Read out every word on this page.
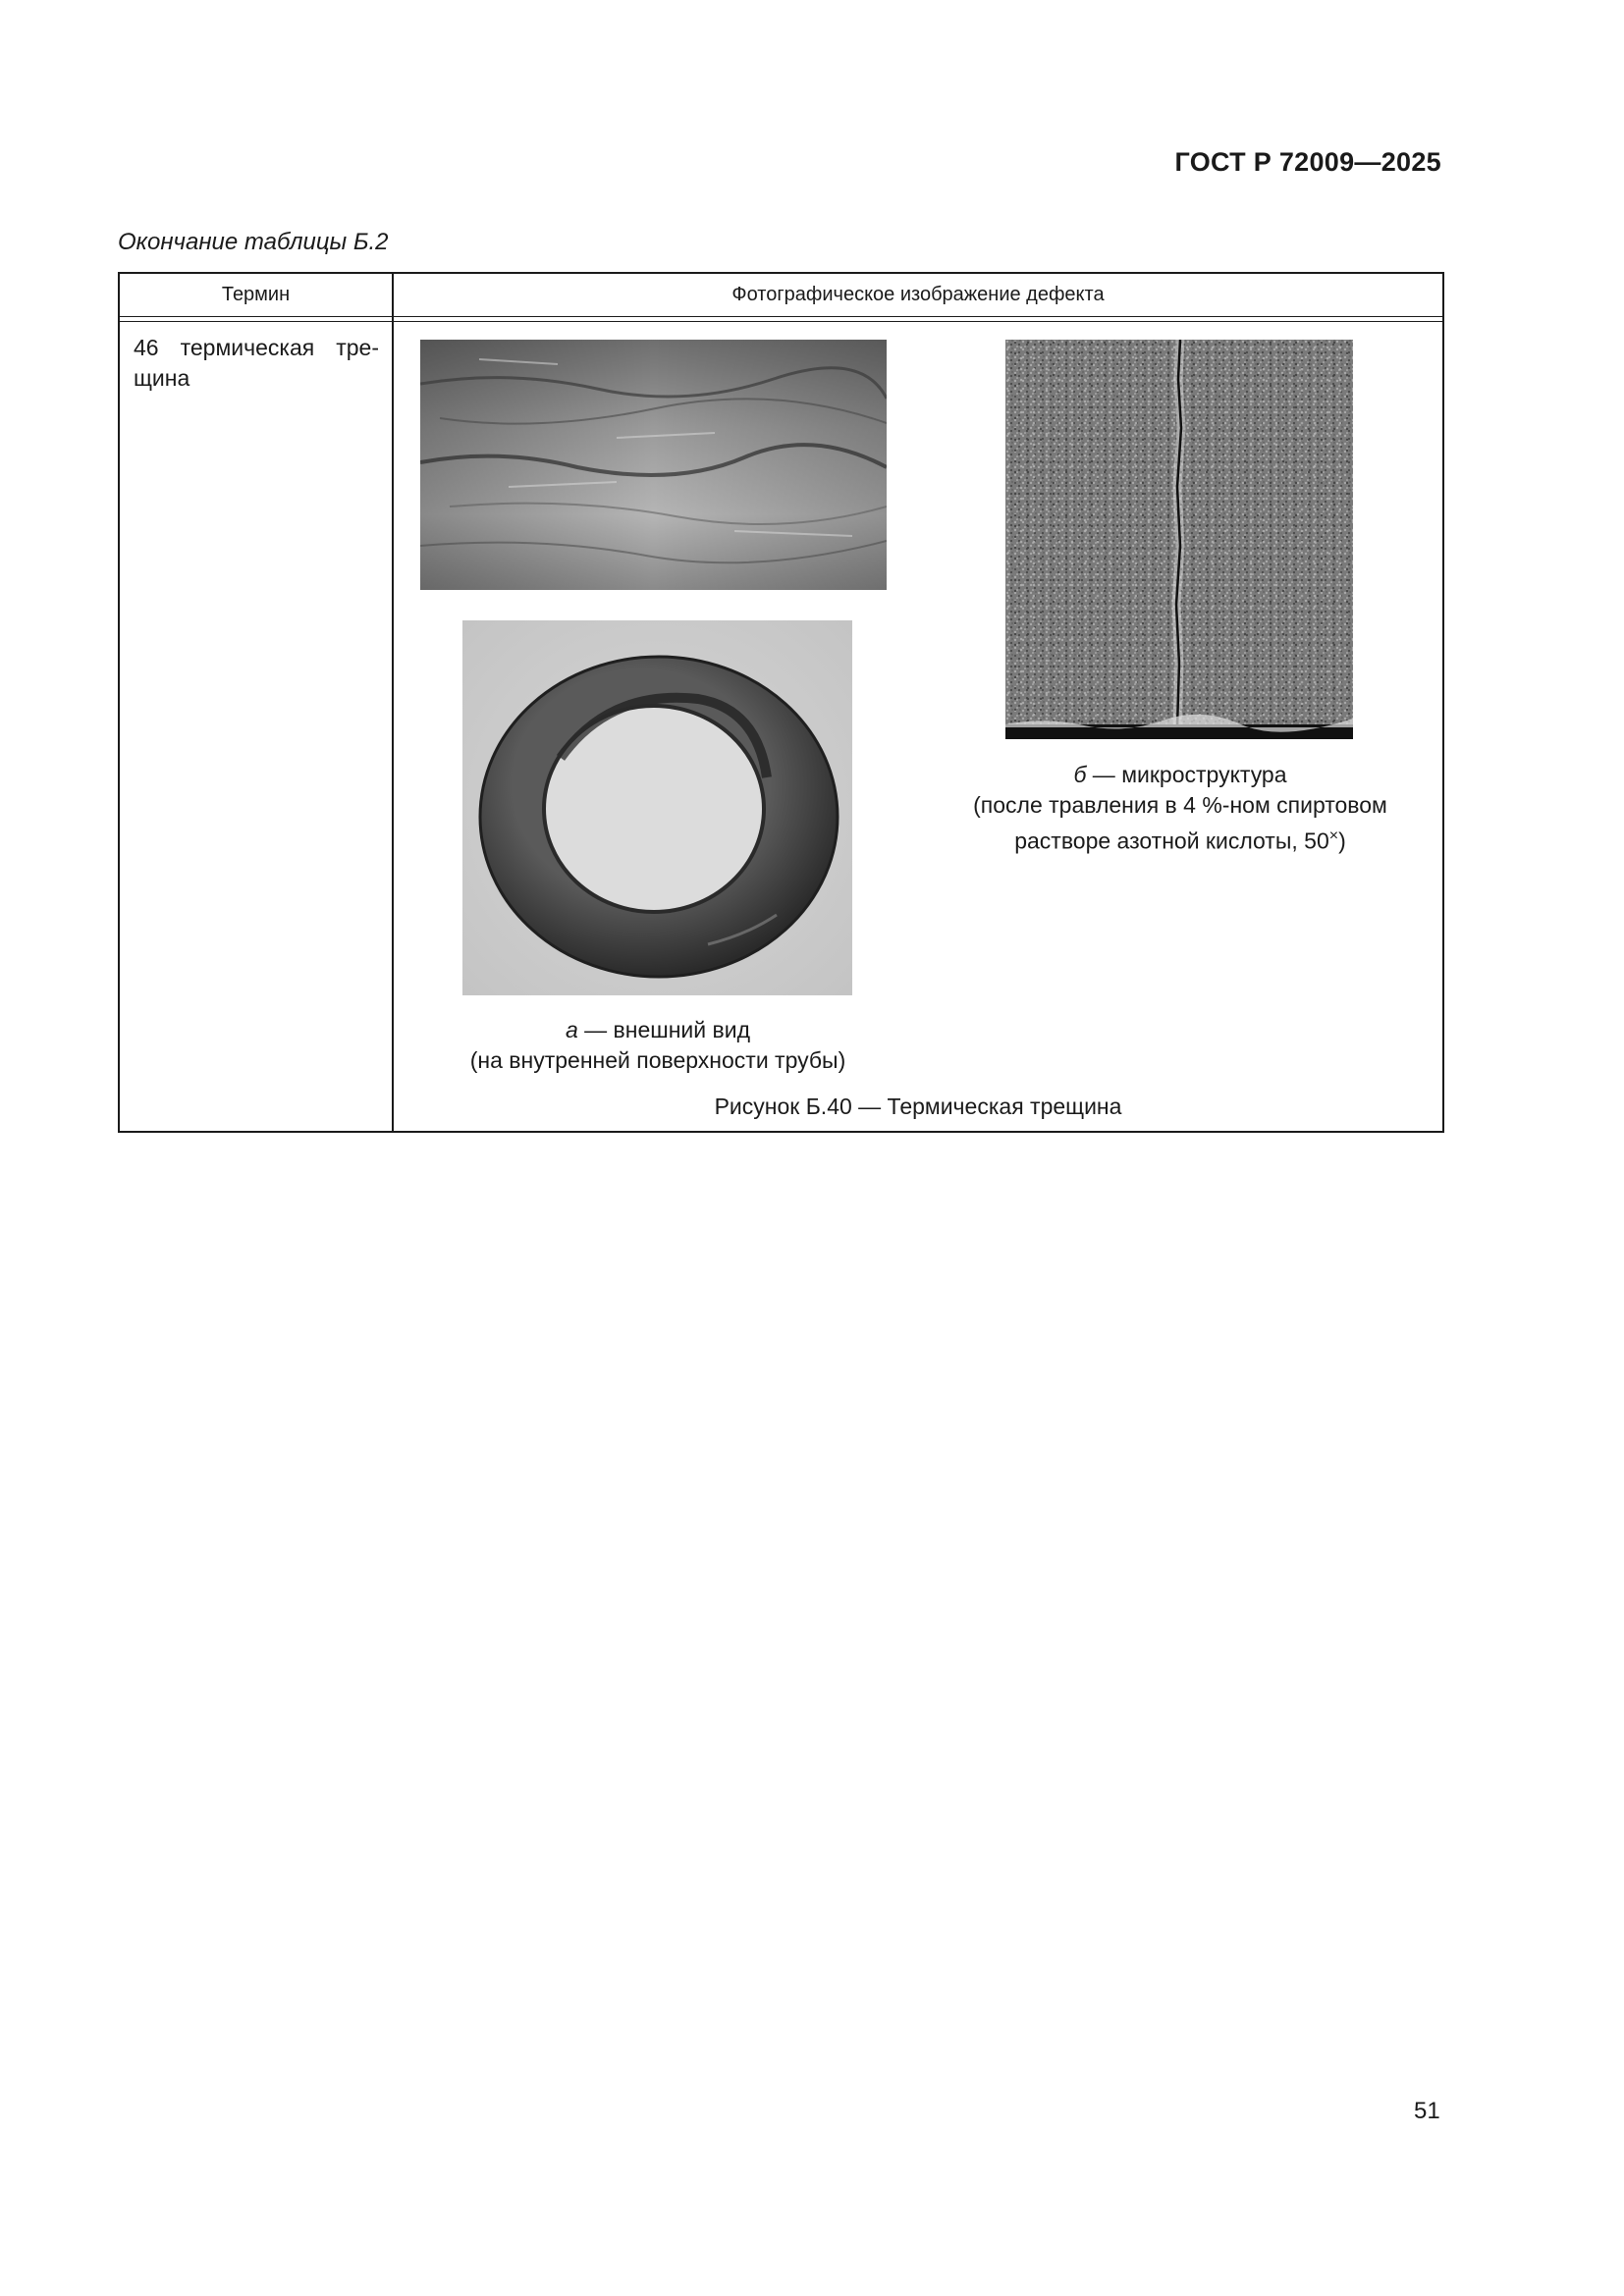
ГОСТ Р 72009—2025
Окончание таблицы Б.2
Термин	Фотографическое изображение дефекта
46 термическая тре-щина
б — микроструктура
(после травления в 4 %-ном спиртовом
растворе азотной кислоты, 50×)
а — внешний вид
(на внутренней поверхности трубы)
Рисунок Б.40 — Термическая трещина
51
